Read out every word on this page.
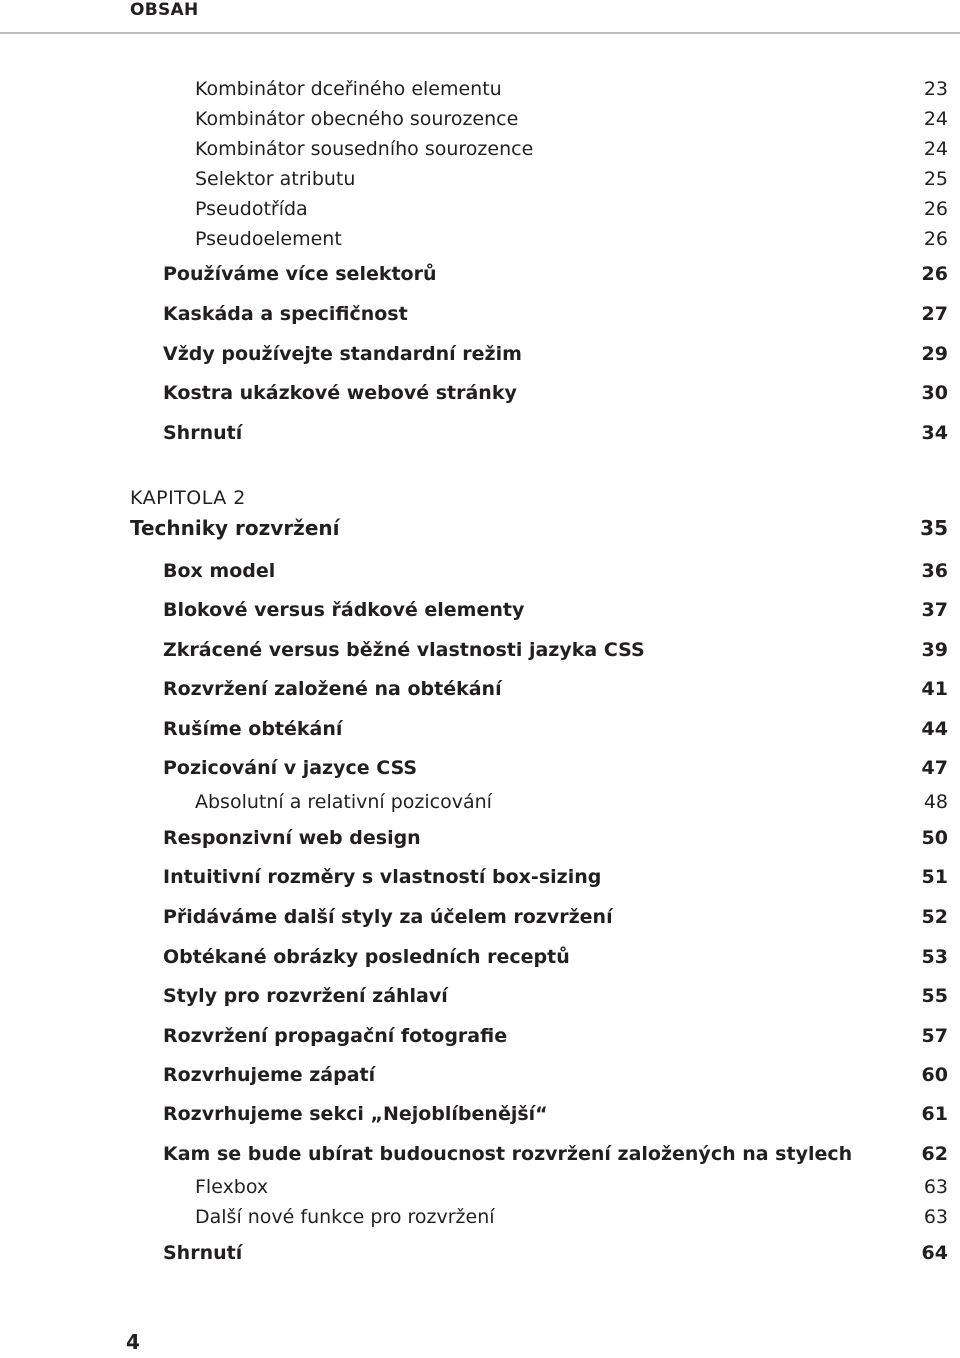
OBSAH
Kombinátor dceřiného elementu	23
Kombinátor obecného sourozence	24
Kombinátor sousedního sourozence	24
Selektor atributu	25
Pseudotřída	26
Pseudoelement	26
Používáme více selektorů	26
Kaskáda a specifičnost	27
Vždy používejte standardní režim	29
Kostra ukázkové webové stránky	30
Shrnutí	34
KAPITOLA 2
Techniky rozvržení	35
Box model	36
Blokové versus řádkové elementy	37
Zkrácené versus běžné vlastnosti jazyka CSS	39
Rozvržení založené na obtékání	41
Rušíme obtékání	44
Pozicování v jazyce CSS	47
Absolutní a relativní pozicování	48
Responzivní web design	50
Intuitivní rozměry s vlastností box-sizing	51
Přidáváme další styly za účelem rozvržení	52
Obtékané obrázky posledních receptů	53
Styly pro rozvržení záhlaví	55
Rozvržení propagační fotografie	57
Rozvrhujeme zápatí	60
Rozvrhujeme sekci „Nejoblíbenější“	61
Kam se bude ubírat budoucnost rozvržení založených na stylech	62
Flexbox	63
Další nové funkce pro rozvržení	63
Shrnutí	64
4
